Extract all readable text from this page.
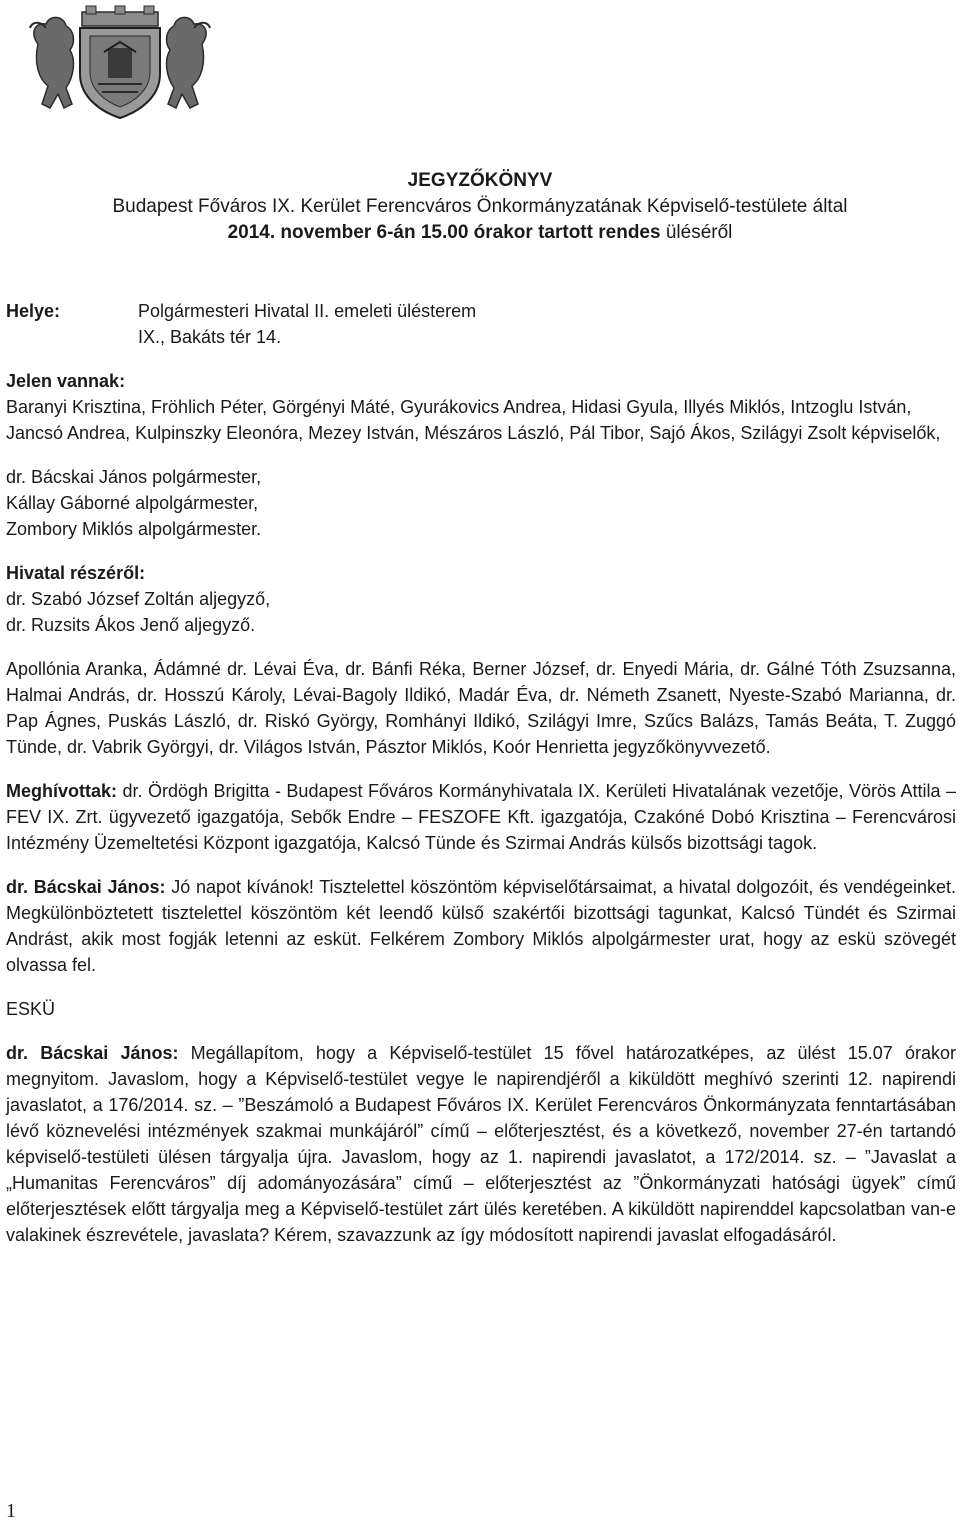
JEGYZŐKÖNYV
Budapest Főváros IX. Kerület Ferencváros Önkormányzatának Képviselő-testülete által
2014. november 6-án 15.00 órakor tartott rendes üléséről
Helye:	Polgármesteri Hivatal II. emeleti ülésterem
IX., Bakáts tér 14.

Jelen vannak:

Baranyi Krisztina, Fröhlich Péter, Görgényi Máté, Gyurákovics Andrea, Hidasi Gyula, Illyés Miklós, Intzoglu István, Jancsó Andrea, Kulpinszky Eleonóra, Mezey István, Mészáros László, Pál Tibor, Sajó Ákos, Szilágyi Zsolt képviselők,

dr. Bácskai János polgármester,

Kállay Gáborné alpolgármester,

Zombory Miklós alpolgármester.

Hivatal részéről:

dr. Szabó József Zoltán aljegyző,

dr. Ruzsits Ákos Jenő aljegyző.

Apollónia Aranka, Ádámné dr. Lévai Éva, dr. Bánfi Réka, Berner József, dr. Enyedi Mária, dr. Gálné Tóth Zsuzsanna, Halmai András, dr. Hosszú Károly, Lévai-Bagoly Ildikó, Madár Éva, dr. Németh Zsanett, Nyeste-Szabó Marianna, dr. Pap Ágnes, Puskás László, dr. Riskó György, Romhányi Ildikó, Szilágyi Imre, Szűcs Balázs, Tamás Beáta, T. Zuggó Tünde, dr. Vabrik Györgyi, dr. Világos István, Pásztor Miklós, Koór Henrietta jegyzőkönyvvezető.

Meghívottak: dr. Ördögh Brigitta - Budapest Főváros Kormányhivatala IX. Kerületi Hivatalának vezetője, Vörös Attila – FEV IX. Zrt. ügyvezető igazgatója, Sebők Endre – FESZOFE Kft. igazgatója, Czakóné Dobó Krisztina – Ferencvárosi Intézmény Üzemeltetési Központ igazgatója, Kalcsó Tünde és Szirmai András külsős bizottsági tagok.

dr. Bácskai János: Jó napot kívánok! Tisztelettel köszöntöm képviselőtársaimat, a hivatal dolgozóit, és vendégeinket. Megkülönböztetett tisztelettel köszöntöm két leendő külső szakértői bizottsági tagunkat, Kalcsó Tündét és Szirmai Andrást, akik most fogják letenni az esküt. Felkérem Zombory Miklós alpolgármester urat, hogy az eskü szövegét olvassa fel.

ESKÜ

dr. Bácskai János: Megállapítom, hogy a Képviselő-testület 15 fővel határozatképes, az ülést 15.07 órakor megnyitom. Javaslom, hogy a Képviselő-testület vegye le napirendjéről a kiküldött meghívó szerinti 12. napirendi javaslatot, a 176/2014. sz. – ”Beszámoló a Budapest Főváros IX. Kerület Ferencváros Önkormányzata fenntartásában lévő köznevelési intézmények szakmai munkájáról” című – előterjesztést, és a következő, november 27-én tartandó képviselő-testületi ülésen tárgyalja újra. Javaslom, hogy az 1. napirendi javaslatot, a 172/2014. sz. – ”Javaslat a „Humanitas Ferencváros” díj adományozására” című – előterjesztést az ”Önkormányzati hatósági ügyek” című előterjesztések előtt tárgyalja meg a Képviselő-testület zárt ülés keretében. A kiküldött napirenddel kapcsolatban van-e valakinek észrevétele, javaslata? Kérem, szavazzunk az így módosított napirendi javaslat elfogadásáról.

1
